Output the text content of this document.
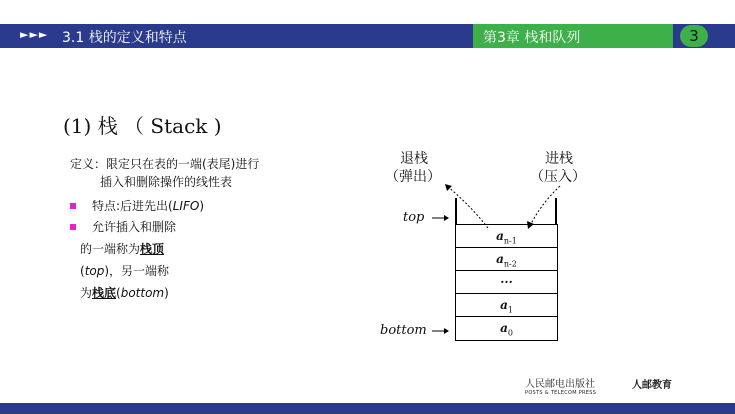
►►► 3.1 栈的定义和特点	第3章 栈和队列	3
(1) 栈 （ Stack )
定义：限定只在表的一端(表尾)进行
插入和删除操作的线性表
特点:后进先出(LIFO)
允许插入和删除
的一端称为栈顶
(top)，另一端称
为栈底(bottom)
退栈
（弹出）
进栈
（压入）
top
bottom
$a_{n-1}$
$a_{n-2}$
···
$a_1$
$a_0$
人民邮电出版社
POSTS & TELECOM PRESS
人邮教育
